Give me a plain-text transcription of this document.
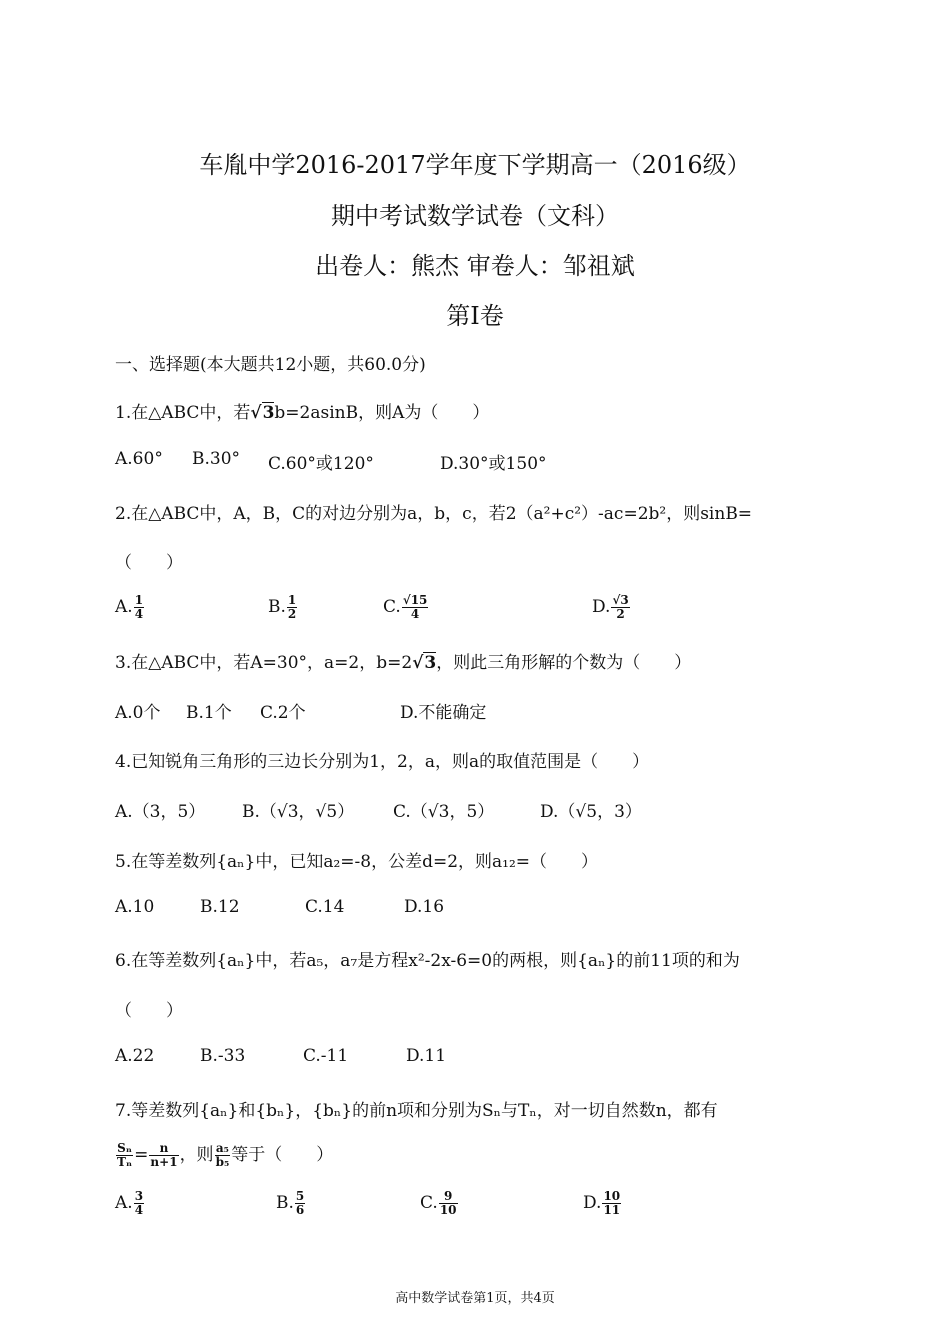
车胤中学2016-2017学年度下学期高一（2016级）
期中考试数学试卷（文科）
出卷人：熊杰 审卷人：邹祖斌
第Ⅰ卷
一、选择题(本大题共12小题，共60.0分)
1.在△ABC中，若√3b=2asinB，则A为（　　）
A.60° B.30° C.60°或120°	D.30°或150°
2.在△ABC中，A，B，C的对边分别为a，b，c，若2（a²+c²）-ac=2b²，则sinB=
（　　）
A. $\frac{1}{4}$	B. $\frac{1}{2}$	C. $\frac{√15}{4}$	D. $\frac{√3}{2}$
3.在△ABC中，若A=30°，a=2，b=2√3，则此三角形解的个数为（　　）
A.0个 B.1个 C.2个	D.不能确定
4.已知锐角三角形的三边长分别为1，2，a，则a的取值范围是（　　）
A.（3，5） B.（√3，√5） C.（√3，5）	D.（√5，3）
5.在等差数列{aₙ}中，已知a₂=-8，公差d=2，则a₁₂=（　　）
A.10	B.12	C.14	D.16
6.在等差数列{aₙ}中，若a₅，a₇是方程x²-2x-6=0的两根，则{aₙ}的前11项的和为
（　　）
A.22	B.-33	C.-11	D.11
7.等差数列{aₙ}和{bₙ}，{bₙ}的前n项和分别为Sₙ与Tₙ，对一切自然数n，都有
$\frac{\text{Sₙ}}{\text{Tₙ}} = \frac{n}{n+1}$ ，则 $\frac{\text{a₅}}{\text{b₅}}$ 等于（　　）
A. $\frac{3}{4}$	B. $\frac{5}{6}$	C. $\frac{9}{10}$	D. $\frac{10}{11}$
高中数学试卷第1页，共4页
